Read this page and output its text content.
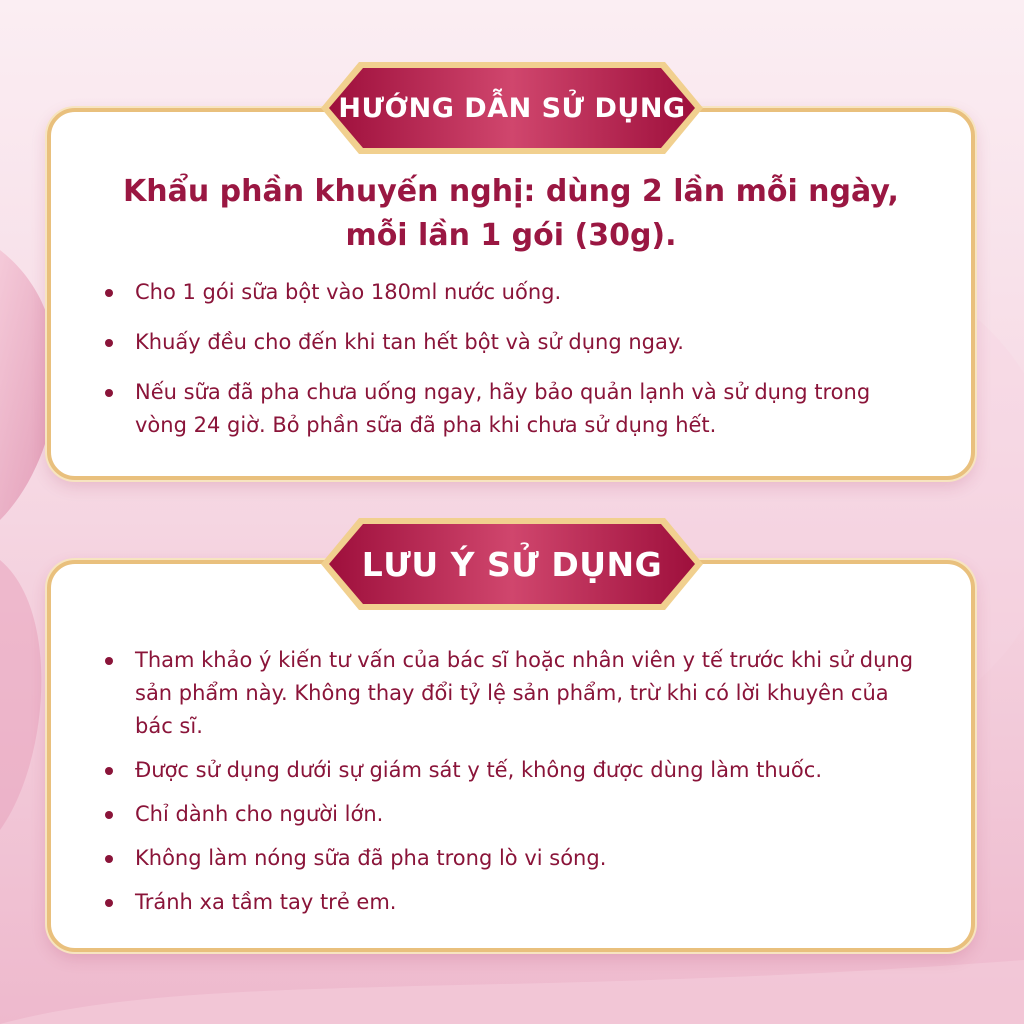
Khẩu phần khuyến nghị: dùng 2 lần mỗi ngày,
mỗi lần 1 gói (30g).
Cho 1 gói sữa bột vào 180ml nước uống.
Khuấy đều cho đến khi tan hết bột và sử dụng ngay.
Nếu sữa đã pha chưa uống ngay, hãy bảo quản lạnh và sử dụng trong vòng 24 giờ. Bỏ phần sữa đã pha khi chưa sử dụng hết.
Tham khảo ý kiến tư vấn của bác sĩ hoặc nhân viên y tế trước khi sử dụng sản phẩm này. Không thay đổi tỷ lệ sản phẩm, trừ khi có lời khuyên của bác sĩ.
Được sử dụng dưới sự giám sát y tế, không được dùng làm thuốc.
Chỉ dành cho người lớn.
Không làm nóng sữa đã pha trong lò vi sóng.
Tránh xa tầm tay trẻ em.
HƯỚNG DẪN SỬ DỤNG
LƯU Ý SỬ DỤNG
